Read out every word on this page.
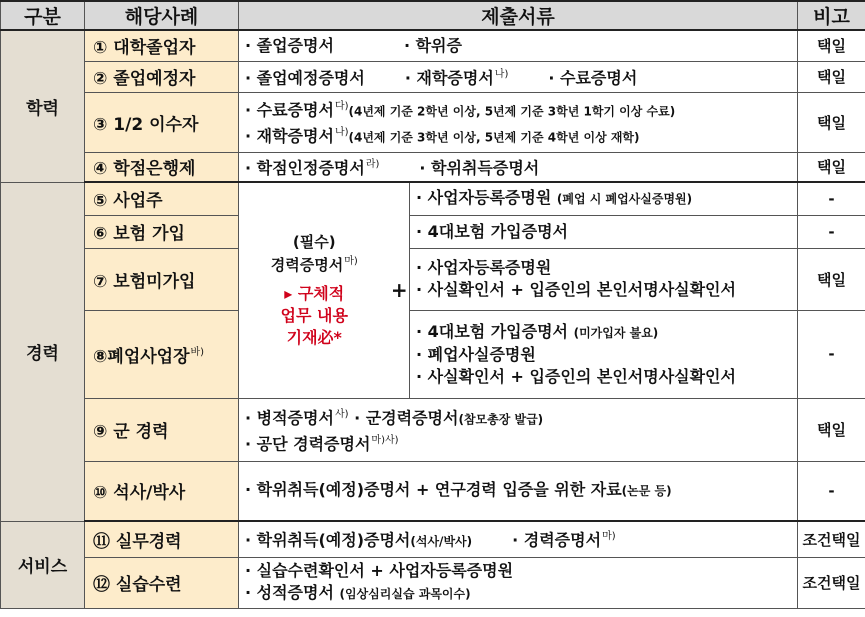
구분	해당사례	제출서류			비고
학력	① 대학졸업자	· 졸업증명서 · 학위증			택일
	② 졸업예정자	· 졸업예정증명서 · 재학증명서$^{나)}$ · 수료증명서			택일
	③ 1/2 이수자	· 수료증명서$^{다)}$(4년제 기준 2학년 이상, 5년제 기준 3학년 1학기 이상 수료)
· 재학증명서$^{나)}$(4년제 기준 3학년 이상, 5년제 기준 4학년 이상 재학)			택일
	④ 학점은행제	· 학점인정증명서$^{라)}$ · 학위취득증명서			택일
경력	⑤ 사업주	(필수)
경력증명서$^{마)}$
▸ 구체적
업무 내용
기재必*	+	· 사업자등록증명원 (폐업 시 폐업사실증명원)	-
	⑥ 보험 가입			· 4대보험 가입증명서	-
	⑦ 보험미가입			· 사업자등록증명원
· 사실확인서 + 입증인의 본인서명사실확인서	택일
	⑧폐업사업장$^{바)}$			· 4대보험 가입증명서 (미가입자 불요)
· 폐업사실증명원
· 사실확인서 + 입증인의 본인서명사실확인서	-
	⑨ 군 경력	· 병적증명서$^{사)}$ · 군경력증명서(참모총장 발급)
· 공단 경력증명서$^{마)사)}$			택일
	⑩ 석사/박사	· 학위취득(예정)증명서 + 연구경력 입증을 위한 자료(논문 등)			-
서비스	⑪ 실무경력	· 학위취득(예정)증명서(석사/박사) · 경력증명서$^{마)}$			조건택일
	⑫ 실습수련	· 실습수련확인서 + 사업자등록증명원
· 성적증명서 (임상심리실습 과목이수)			조건택일
